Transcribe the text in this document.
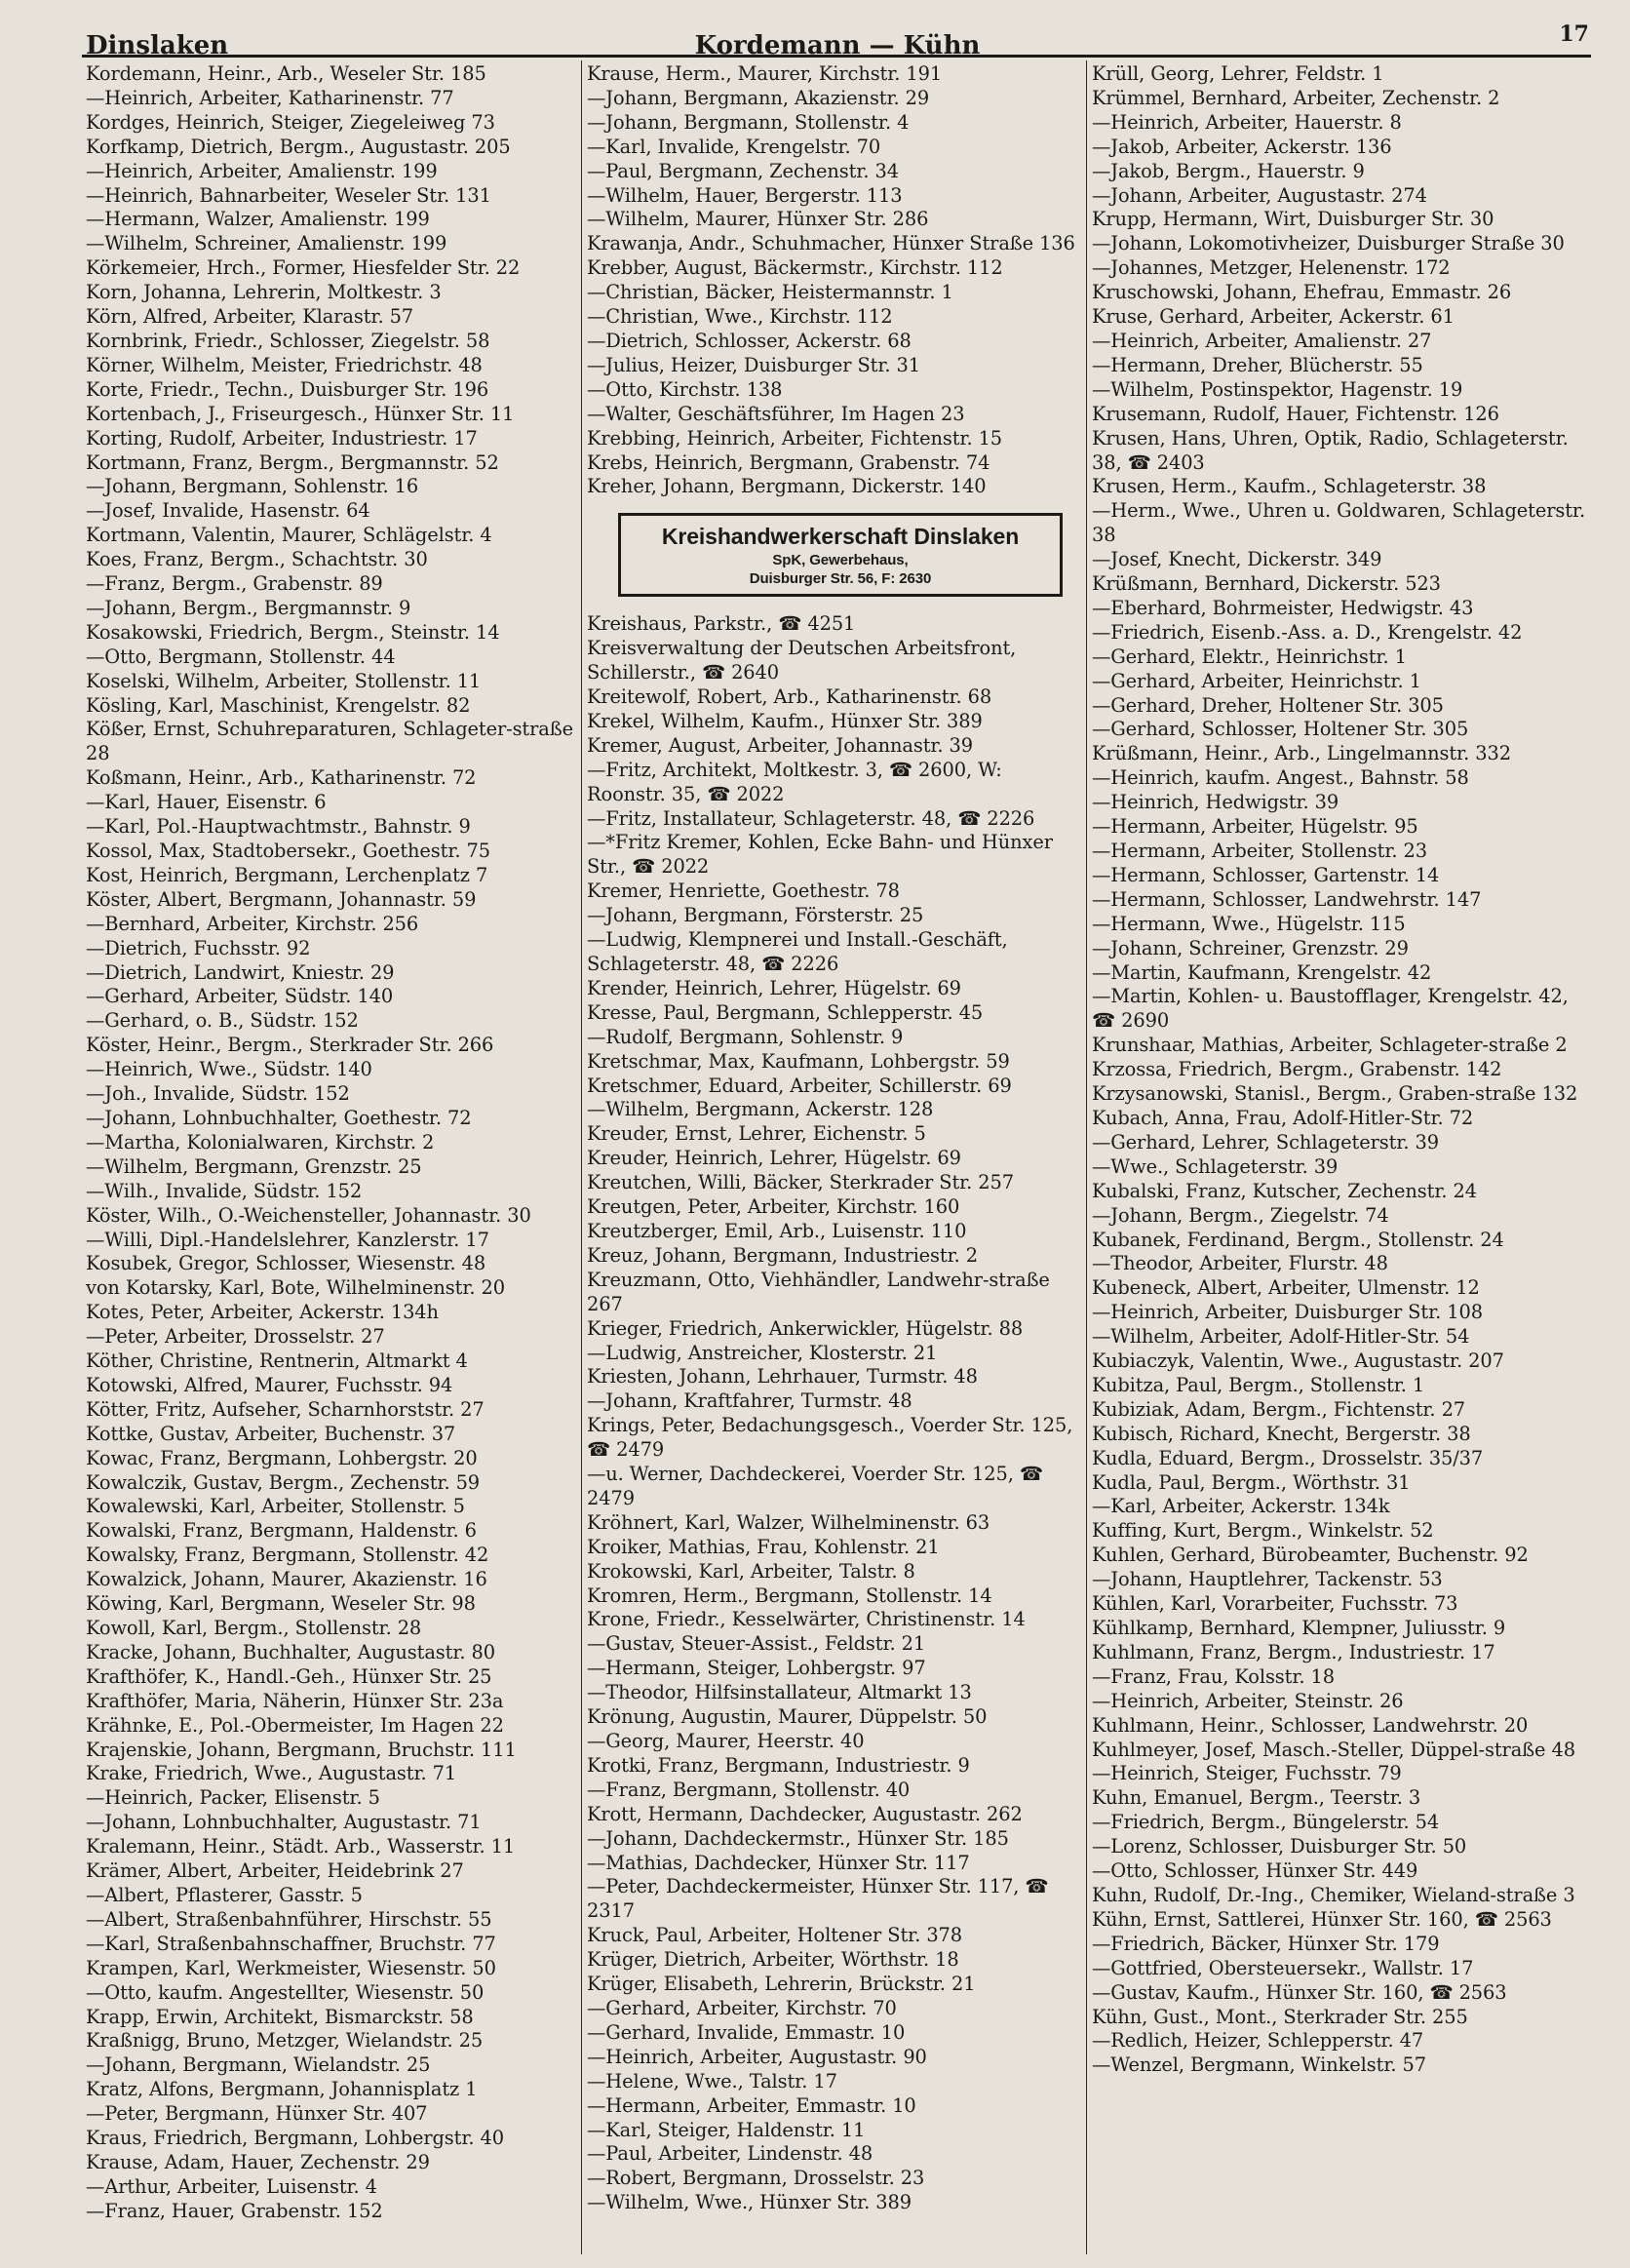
Dinslaken	Kordemann — Kühn	17
Kordemann, Heinr., Arb., Weseler Str. 185
—Heinrich, Arbeiter, Katharinenstr. 77
Kordges, Heinrich, Steiger, Ziegeleiweg 73
Korfkamp, Dietrich, Bergm., Augustastr. 205
—Heinrich, Arbeiter, Amalienstr. 199
—Heinrich, Bahnarbeiter, Weseler Str. 131
—Hermann, Walzer, Amalienstr. 199
—Wilhelm, Schreiner, Amalienstr. 199
Körkemeier, Hrch., Former, Hiesfelder Str. 22
Korn, Johanna, Lehrerin, Moltkestr. 3
Körn, Alfred, Arbeiter, Klarastr. 57
Kornbrink, Friedr., Schlosser, Ziegelstr. 58
Körner, Wilhelm, Meister, Friedrichstr. 48
Korte, Friedr., Techn., Duisburger Str. 196
Kortenbach, J., Friseurgesch., Hünxer Str. 11
Korting, Rudolf, Arbeiter, Industriestr. 17
Kortmann, Franz, Bergm., Bergmannstr. 52
—Johann, Bergmann, Sohlenstr. 16
—Josef, Invalide, Hasenstr. 64
Kortmann, Valentin, Maurer, Schlägelstr. 4
Koes, Franz, Bergm., Schachtstr. 30
—Franz, Bergm., Grabenstr. 89
—Johann, Bergm., Bergmannstr. 9
Kosakowski, Friedrich, Bergm., Steinstr. 14
—Otto, Bergmann, Stollenstr. 44
Koselski, Wilhelm, Arbeiter, Stollenstr. 11
Kösling, Karl, Maschinist, Krengelstr. 82
Kößer, Ernst, Schuhreparaturen, Schlageter-straße 28
Koßmann, Heinr., Arb., Katharinenstr. 72
—Karl, Hauer, Eisenstr. 6
—Karl, Pol.-Hauptwachtmstr., Bahnstr. 9
Kossol, Max, Stadtobersekr., Goethestr. 75
Kost, Heinrich, Bergmann, Lerchenplatz 7
Köster, Albert, Bergmann, Johannastr. 59
—Bernhard, Arbeiter, Kirchstr. 256
—Dietrich, Fuchsstr. 92
—Dietrich, Landwirt, Kniestr. 29
—Gerhard, Arbeiter, Südstr. 140
—Gerhard, o. B., Südstr. 152
Köster, Heinr., Bergm., Sterkrader Str. 266
—Heinrich, Wwe., Südstr. 140
—Joh., Invalide, Südstr. 152
—Johann, Lohnbuchhalter, Goethestr. 72
—Martha, Kolonialwaren, Kirchstr. 2
—Wilhelm, Bergmann, Grenzstr. 25
—Wilh., Invalide, Südstr. 152
Köster, Wilh., O.-Weichensteller, Johannastr. 30
—Willi, Dipl.-Handelslehrer, Kanzlerstr. 17
Kosubek, Gregor, Schlosser, Wiesenstr. 48
von Kotarsky, Karl, Bote, Wilhelminenstr. 20
Kotes, Peter, Arbeiter, Ackerstr. 134h
—Peter, Arbeiter, Drosselstr. 27
Köther, Christine, Rentnerin, Altmarkt 4
Kotowski, Alfred, Maurer, Fuchsstr. 94
Kötter, Fritz, Aufseher, Scharnhorststr. 27
Kottke, Gustav, Arbeiter, Buchenstr. 37
Kowac, Franz, Bergmann, Lohbergstr. 20
Kowalczik, Gustav, Bergm., Zechenstr. 59
Kowalewski, Karl, Arbeiter, Stollenstr. 5
Kowalski, Franz, Bergmann, Haldenstr. 6
Kowalsky, Franz, Bergmann, Stollenstr. 42
Kowalzick, Johann, Maurer, Akazienstr. 16
Köwing, Karl, Bergmann, Weseler Str. 98
Kowoll, Karl, Bergm., Stollenstr. 28
Kracke, Johann, Buchhalter, Augustastr. 80
Krafthöfer, K., Handl.-Geh., Hünxer Str. 25
Krafthöfer, Maria, Näherin, Hünxer Str. 23a
Krähnke, E., Pol.-Obermeister, Im Hagen 22
Krajenskie, Johann, Bergmann, Bruchstr. 111
Krake, Friedrich, Wwe., Augustastr. 71
—Heinrich, Packer, Elisenstr. 5
—Johann, Lohnbuchhalter, Augustastr. 71
Kralemann, Heinr., Städt. Arb., Wasserstr. 11
Krämer, Albert, Arbeiter, Heidebrink 27
—Albert, Pflasterer, Gasstr. 5
—Albert, Straßenbahnführer, Hirschstr. 55
—Karl, Straßenbahnschaffner, Bruchstr. 77
Krampen, Karl, Werkmeister, Wiesenstr. 50
—Otto, kaufm. Angestellter, Wiesenstr. 50
Krapp, Erwin, Architekt, Bismarckstr. 58
Kraßnigg, Bruno, Metzger, Wielandstr. 25
—Johann, Bergmann, Wielandstr. 25
Kratz, Alfons, Bergmann, Johannisplatz 1
—Peter, Bergmann, Hünxer Str. 407
Kraus, Friedrich, Bergmann, Lohbergstr. 40
Krause, Adam, Hauer, Zechenstr. 29
—Arthur, Arbeiter, Luisenstr. 4
—Franz, Hauer, Grabenstr. 152
Krause, Herm., Maurer, Kirchstr. 191
—Johann, Bergmann, Akazienstr. 29
—Johann, Bergmann, Stollenstr. 4
—Karl, Invalide, Krengelstr. 70
—Paul, Bergmann, Zechenstr. 34
—Wilhelm, Hauer, Bergerstr. 113
—Wilhelm, Maurer, Hünxer Str. 286
Krawanja, Andr., Schuhmacher, Hünxer Straße 136
Krebber, August, Bäckermstr., Kirchstr. 112
—Christian, Bäcker, Heistermannstr. 1
—Christian, Wwe., Kirchstr. 112
—Dietrich, Schlosser, Ackerstr. 68
—Julius, Heizer, Duisburger Str. 31
—Otto, Kirchstr. 138
—Walter, Geschäftsführer, Im Hagen 23
Krebbing, Heinrich, Arbeiter, Fichtenstr. 15
Krebs, Heinrich, Bergmann, Grabenstr. 74
Kreher, Johann, Bergmann, Dickerstr. 140
Kreishandwerkerschaft Dinslaken
SpK, Gewerbehaus,
Duisburger Str. 56, F: 2630
Kreishaus, Parkstr., ☎ 4251
Kreisverwaltung der Deutschen Arbeitsfront, Schillerstr., ☎ 2640
Kreitewolf, Robert, Arb., Katharinenstr. 68
Krekel, Wilhelm, Kaufm., Hünxer Str. 389
Kremer, August, Arbeiter, Johannastr. 39
—Fritz, Architekt, Moltkestr. 3, ☎ 2600, W: Roonstr. 35, ☎ 2022
—Fritz, Installateur, Schlageterstr. 48, ☎ 2226
—*Fritz Kremer, Kohlen, Ecke Bahn- und Hünxer Str., ☎ 2022
Kremer, Henriette, Goethestr. 78
—Johann, Bergmann, Försterstr. 25
—Ludwig, Klempnerei und Install.-Geschäft, Schlageterstr. 48, ☎ 2226
Krender, Heinrich, Lehrer, Hügelstr. 69
Kresse, Paul, Bergmann, Schlepperstr. 45
—Rudolf, Bergmann, Sohlenstr. 9
Kretschmar, Max, Kaufmann, Lohbergstr. 59
Kretschmer, Eduard, Arbeiter, Schillerstr. 69
—Wilhelm, Bergmann, Ackerstr. 128
Kreuder, Ernst, Lehrer, Eichenstr. 5
Kreuder, Heinrich, Lehrer, Hügelstr. 69
Kreutchen, Willi, Bäcker, Sterkrader Str. 257
Kreutgen, Peter, Arbeiter, Kirchstr. 160
Kreutzberger, Emil, Arb., Luisenstr. 110
Kreuz, Johann, Bergmann, Industriestr. 2
Kreuzmann, Otto, Viehhändler, Landwehr-straße 267
Krieger, Friedrich, Ankerwickler, Hügelstr. 88
—Ludwig, Anstreicher, Klosterstr. 21
Kriesten, Johann, Lehrhauer, Turmstr. 48
—Johann, Kraftfahrer, Turmstr. 48
Krings, Peter, Bedachungsgesch., Voerder Str. 125, ☎ 2479
—u. Werner, Dachdeckerei, Voerder Str. 125, ☎ 2479
Kröhnert, Karl, Walzer, Wilhelminenstr. 63
Kroiker, Mathias, Frau, Kohlenstr. 21
Krokowski, Karl, Arbeiter, Talstr. 8
Kromren, Herm., Bergmann, Stollenstr. 14
Krone, Friedr., Kesselwärter, Christinenstr. 14
—Gustav, Steuer-Assist., Feldstr. 21
—Hermann, Steiger, Lohbergstr. 97
—Theodor, Hilfsinstallateur, Altmarkt 13
Krönung, Augustin, Maurer, Düppelstr. 50
—Georg, Maurer, Heerstr. 40
Krotki, Franz, Bergmann, Industriestr. 9
—Franz, Bergmann, Stollenstr. 40
Krott, Hermann, Dachdecker, Augustastr. 262
—Johann, Dachdeckermstr., Hünxer Str. 185
—Mathias, Dachdecker, Hünxer Str. 117
—Peter, Dachdeckermeister, Hünxer Str. 117, ☎ 2317
Kruck, Paul, Arbeiter, Holtener Str. 378
Krüger, Dietrich, Arbeiter, Wörthstr. 18
Krüger, Elisabeth, Lehrerin, Brückstr. 21
—Gerhard, Arbeiter, Kirchstr. 70
—Gerhard, Invalide, Emmastr. 10
—Heinrich, Arbeiter, Augustastr. 90
—Helene, Wwe., Talstr. 17
—Hermann, Arbeiter, Emmastr. 10
—Karl, Steiger, Haldenstr. 11
—Paul, Arbeiter, Lindenstr. 48
—Robert, Bergmann, Drosselstr. 23
—Wilhelm, Wwe., Hünxer Str. 389
Krüll, Georg, Lehrer, Feldstr. 1
Krümmel, Bernhard, Arbeiter, Zechenstr. 2
—Heinrich, Arbeiter, Hauerstr. 8
—Jakob, Arbeiter, Ackerstr. 136
—Jakob, Bergm., Hauerstr. 9
—Johann, Arbeiter, Augustastr. 274
Krupp, Hermann, Wirt, Duisburger Str. 30
—Johann, Lokomotivheizer, Duisburger Straße 30
—Johannes, Metzger, Helenenstr. 172
Kruschowski, Johann, Ehefrau, Emmastr. 26
Kruse, Gerhard, Arbeiter, Ackerstr. 61
—Heinrich, Arbeiter, Amalienstr. 27
—Hermann, Dreher, Blücherstr. 55
—Wilhelm, Postinspektor, Hagenstr. 19
Krusemann, Rudolf, Hauer, Fichtenstr. 126
Krusen, Hans, Uhren, Optik, Radio, Schlageterstr. 38, ☎ 2403
Krusen, Herm., Kaufm., Schlageterstr. 38
—Herm., Wwe., Uhren u. Goldwaren, Schlageterstr. 38
—Josef, Knecht, Dickerstr. 349
Krüßmann, Bernhard, Dickerstr. 523
—Eberhard, Bohrmeister, Hedwigstr. 43
—Friedrich, Eisenb.-Ass. a. D., Krengelstr. 42
—Gerhard, Elektr., Heinrichstr. 1
—Gerhard, Arbeiter, Heinrichstr. 1
—Gerhard, Dreher, Holtener Str. 305
—Gerhard, Schlosser, Holtener Str. 305
Krüßmann, Heinr., Arb., Lingelmannstr. 332
—Heinrich, kaufm. Angest., Bahnstr. 58
—Heinrich, Hedwigstr. 39
—Hermann, Arbeiter, Hügelstr. 95
—Hermann, Arbeiter, Stollenstr. 23
—Hermann, Schlosser, Gartenstr. 14
—Hermann, Schlosser, Landwehrstr. 147
—Hermann, Wwe., Hügelstr. 115
—Johann, Schreiner, Grenzstr. 29
—Martin, Kaufmann, Krengelstr. 42
—Martin, Kohlen- u. Baustofflager, Krengelstr. 42, ☎ 2690
Krunshaar, Mathias, Arbeiter, Schlageter-straße 2
Krzossa, Friedrich, Bergm., Grabenstr. 142
Krzysanowski, Stanisl., Bergm., Graben-straße 132
Kubach, Anna, Frau, Adolf-Hitler-Str. 72
—Gerhard, Lehrer, Schlageterstr. 39
—Wwe., Schlageterstr. 39
Kubalski, Franz, Kutscher, Zechenstr. 24
—Johann, Bergm., Ziegelstr. 74
Kubanek, Ferdinand, Bergm., Stollenstr. 24
—Theodor, Arbeiter, Flurstr. 48
Kubeneck, Albert, Arbeiter, Ulmenstr. 12
—Heinrich, Arbeiter, Duisburger Str. 108
—Wilhelm, Arbeiter, Adolf-Hitler-Str. 54
Kubiaczyk, Valentin, Wwe., Augustastr. 207
Kubitza, Paul, Bergm., Stollenstr. 1
Kubiziak, Adam, Bergm., Fichtenstr. 27
Kubisch, Richard, Knecht, Bergerstr. 38
Kudla, Eduard, Bergm., Drosselstr. 35/37
Kudla, Paul, Bergm., Wörthstr. 31
—Karl, Arbeiter, Ackerstr. 134k
Kuffing, Kurt, Bergm., Winkelstr. 52
Kuhlen, Gerhard, Bürobeamter, Buchenstr. 92
—Johann, Hauptlehrer, Tackenstr. 53
Kühlen, Karl, Vorarbeiter, Fuchsstr. 73
Kühlkamp, Bernhard, Klempner, Juliusstr. 9
Kuhlmann, Franz, Bergm., Industriestr. 17
—Franz, Frau, Kolsstr. 18
—Heinrich, Arbeiter, Steinstr. 26
Kuhlmann, Heinr., Schlosser, Landwehrstr. 20
Kuhlmeyer, Josef, Masch.-Steller, Düppel-straße 48
—Heinrich, Steiger, Fuchsstr. 79
Kuhn, Emanuel, Bergm., Teerstr. 3
—Friedrich, Bergm., Büngelerstr. 54
—Lorenz, Schlosser, Duisburger Str. 50
—Otto, Schlosser, Hünxer Str. 449
Kuhn, Rudolf, Dr.-Ing., Chemiker, Wieland-straße 3
Kühn, Ernst, Sattlerei, Hünxer Str. 160, ☎ 2563
—Friedrich, Bäcker, Hünxer Str. 179
—Gottfried, Obersteuersekr., Wallstr. 17
—Gustav, Kaufm., Hünxer Str. 160, ☎ 2563
Kühn, Gust., Mont., Sterkrader Str. 255
—Redlich, Heizer, Schlepperstr. 47
—Wenzel, Bergmann, Winkelstr. 57
